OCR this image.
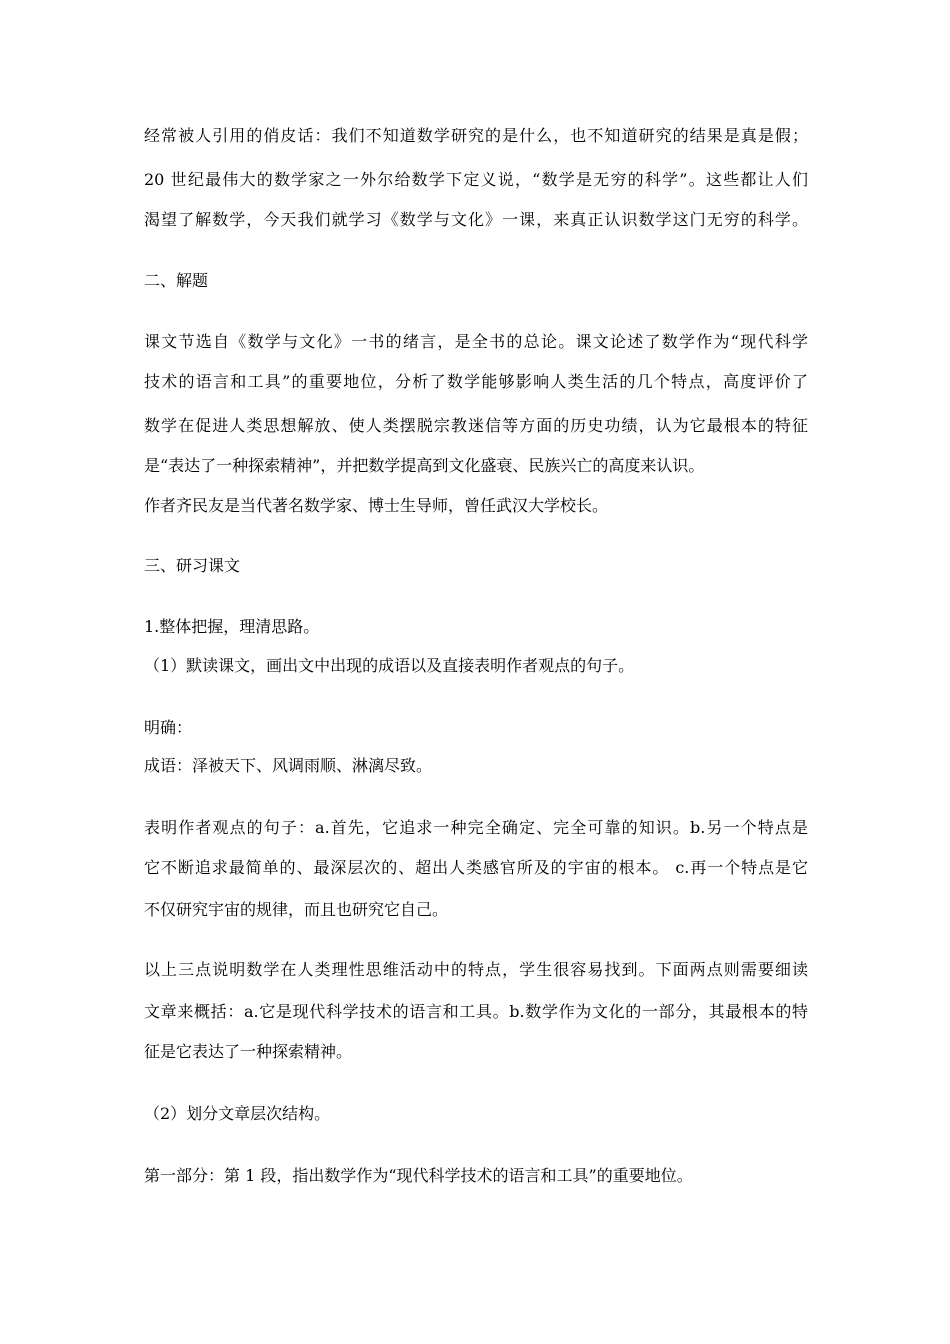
经常被人引用的俏皮话：我们不知道数学研究的是什么，也不知道研究的结果是真是假；
20 世纪最伟大的数学家之一外尔给数学下定义说，“数学是无穷的科学”。这些都让人们
渴望了解数学，今天我们就学习《数学与文化》一课，来真正认识数学这门无穷的科学。
二、解题
课文节选自《数学与文化》一书的绪言，是全书的总论。课文论述了数学作为“现代科学
技术的语言和工具”的重要地位，分析了数学能够影响人类生活的几个特点，高度评价了
数学在促进人类思想解放、使人类摆脱宗教迷信等方面的历史功绩，认为它最根本的特征
是“表达了一种探索精神”，并把数学提高到文化盛衰、民族兴亡的高度来认识。
作者齐民友是当代著名数学家、博士生导师，曾任武汉大学校长。
三、研习课文
1.整体把握，理清思路。
（1）默读课文，画出文中出现的成语以及直接表明作者观点的句子。
明确：
成语：泽被天下、风调雨顺、淋漓尽致。
表明作者观点的句子：a.首先，它追求一种完全确定、完全可靠的知识。b.另一个特点是
它不断追求最简单的、最深层次的、超出人类感官所及的宇宙的根本。 c.再一个特点是它
不仅研究宇宙的规律，而且也研究它自己。
以上三点说明数学在人类理性思维活动中的特点，学生很容易找到。下面两点则需要细读
文章来概括：a.它是现代科学技术的语言和工具。b.数学作为文化的一部分，其最根本的特
征是它表达了一种探索精神。
（2）划分文章层次结构。
第一部分：第 1 段，指出数学作为“现代科学技术的语言和工具”的重要地位。
